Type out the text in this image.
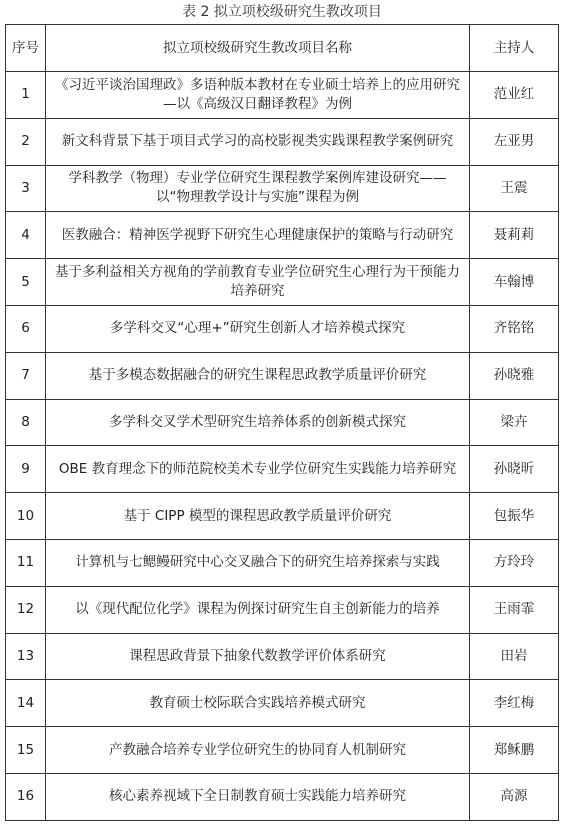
表 2 拟立项校级研究生教改项目
序号	拟立项校级研究生教改项目名称	主持人
1	《习近平谈治国理政》多语种版本教材在专业硕士培养上的应用研究—以《高级汉日翻译教程》为例	范业红
2	新文科背景下基于项目式学习的高校影视类实践课程教学案例研究	左亚男
3	学科教学（物理）专业学位研究生课程教学案例库建设研究——以“物理教学设计与实施”课程为例	王震
4	医教融合：精神医学视野下研究生心理健康保护的策略与行动研究	聂莉莉
5	基于多利益相关方视角的学前教育专业学位研究生心理行为干预能力培养研究	车翰博
6	多学科交叉“心理+”研究生创新人才培养模式探究	齐铭铭
7	基于多模态数据融合的研究生课程思政教学质量评价研究	孙晓雅
8	多学科交叉学术型研究生培养体系的创新模式探究	梁卉
9	OBE 教育理念下的师范院校美术专业学位研究生实践能力培养研究	孙晓昕
10	基于 CIPP 模型的课程思政教学质量评价研究	包振华
11	计算机与七鳃鳗研究中心交叉融合下的研究生培养探索与实践	方玲玲
12	以《现代配位化学》课程为例探讨研究生自主创新能力的培养	王雨霏
13	课程思政背景下抽象代数教学评价体系研究	田岩
14	教育硕士校际联合实践培养模式研究	李红梅
15	产教融合培养专业学位研究生的协同育人机制研究	郑稣鹏
16	核心素养视域下全日制教育硕士实践能力培养研究	高源
